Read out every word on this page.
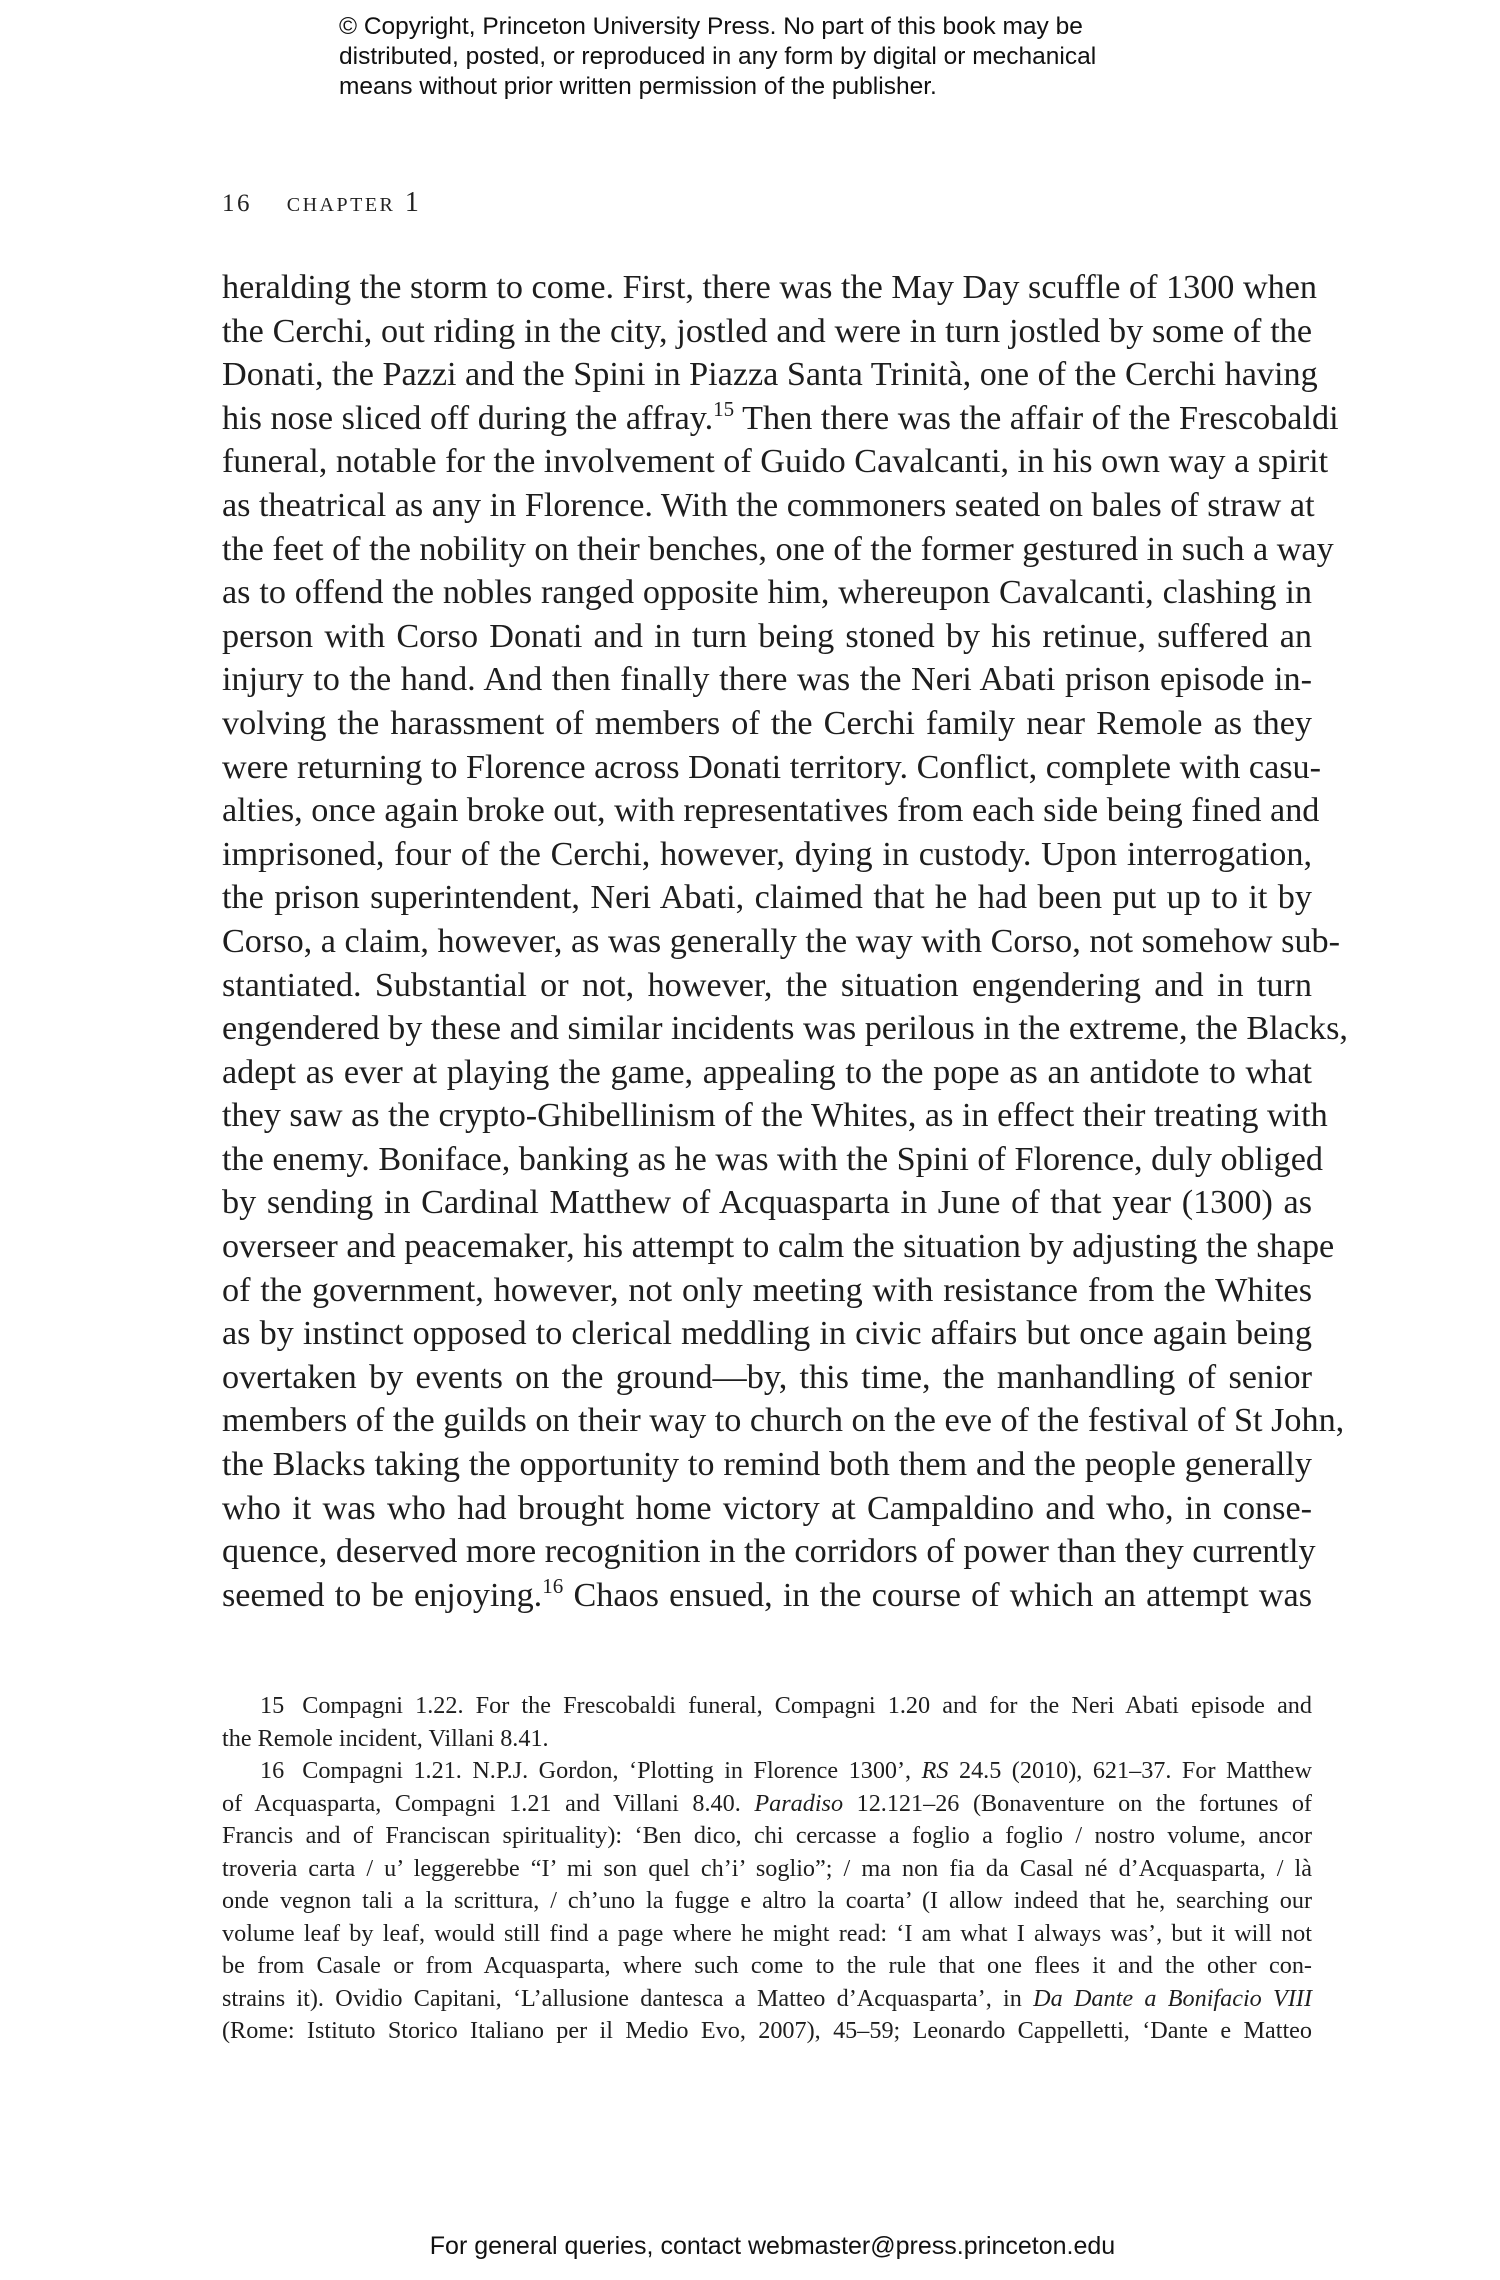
© Copyright, Princeton University Press. No part of this book may be
distributed, posted, or reproduced in any form by digital or mechanical
means without prior written permission of the publisher.
16 chapter 1
heralding the storm to come. First, there was the May Day scuffle of 1300 when
the Cerchi, out riding in the city, jostled and were in turn jostled by some of the
Donati, the Pazzi and the Spini in Piazza Santa Trinità, one of the Cerchi having
his nose sliced off during the affray.$^{15}$ Then there was the affair of the Frescobaldi
funeral, notable for the involvement of Guido Cavalcanti, in his own way a spirit
as theatrical as any in Florence. With the commoners seated on bales of straw at
the feet of the nobility on their benches, one of the former gestured in such a way
as to offend the nobles ranged opposite him, whereupon Cavalcanti, clashing in
person with Corso Donati and in turn being stoned by his retinue, suffered an
injury to the hand. And then finally there was the Neri Abati prison episode in-
volving the harassment of members of the Cerchi family near Remole as they
were returning to Florence across Donati territory. Conflict, complete with casu-
alties, once again broke out, with representatives from each side being fined and
imprisoned, four of the Cerchi, however, dying in custody. Upon interrogation,
the prison superintendent, Neri Abati, claimed that he had been put up to it by
Corso, a claim, however, as was generally the way with Corso, not somehow sub-
stantiated. Substantial or not, however, the situation engendering and in turn
engendered by these and similar incidents was perilous in the extreme, the Blacks,
adept as ever at playing the game, appealing to the pope as an antidote to what
they saw as the crypto-Ghibellinism of the Whites, as in effect their treating with
the enemy. Boniface, banking as he was with the Spini of Florence, duly obliged
by sending in Cardinal Matthew of Acquasparta in June of that year (1300) as
overseer and peacemaker, his attempt to calm the situation by adjusting the shape
of the government, however, not only meeting with resistance from the Whites
as by instinct opposed to clerical meddling in civic affairs but once again being
overtaken by events on the ground—by, this time, the manhandling of senior
members of the guilds on their way to church on the eve of the festival of St John,
the Blacks taking the opportunity to remind both them and the people generally
who it was who had brought home victory at Campaldino and who, in conse-
quence, deserved more recognition in the corridors of power than they currently
seemed to be enjoying.$^{16}$ Chaos ensued, in the course of which an attempt was
15 Compagni 1.22. For the Frescobaldi funeral, Compagni 1.20 and for the Neri Abati episode and
the Remole incident, Villani 8.41.
16 Compagni 1.21. N.P.J. Gordon, ‘Plotting in Florence 1300’, RS 24.5 (2010), 621–37. For Matthew
of Acquasparta, Compagni 1.21 and Villani 8.40. Paradiso 12.121–26 (Bonaventure on the fortunes of
Francis and of Franciscan spirituality): ‘Ben dico, chi cercasse a foglio a foglio / nostro volume, ancor
troveria carta / u’ leggerebbe “I’ mi son quel ch’i’ soglio”; / ma non fia da Casal né d’Acquasparta, / là
onde vegnon tali a la scrittura, / ch’uno la fugge e altro la coarta’ (I allow indeed that he, searching our
volume leaf by leaf, would still find a page where he might read: ‘I am what I always was’, but it will not
be from Casale or from Acquasparta, where such come to the rule that one flees it and the other con-
strains it). Ovidio Capitani, ‘L’allusione dantesca a Matteo d’Acquasparta’, in Da Dante a Bonifacio VIII
(Rome: Istituto Storico Italiano per il Medio Evo, 2007), 45–59; Leonardo Cappelletti, ‘Dante e Matteo
For general queries, contact webmaster@press.princeton.edu
